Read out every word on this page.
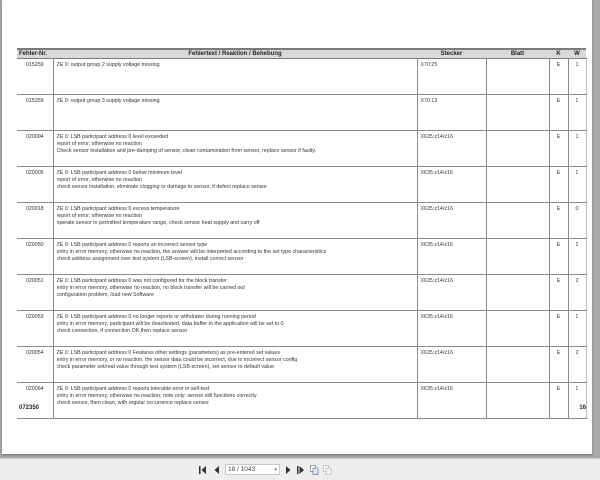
Fehler-Nr.	Fehlertext / Reaktion / Behebung	Stecker	Blatt	K	W
015259	ZE 0: output group 2 supply voltage missing	X70:25		E	1
015359	ZE 0: output group 3 supply voltage missing	X70:13		E	1
020004	ZE 0: LSB participant address 0 level exceeded
report of error, otherwise no reaction
Check sensor installation and pre-damping of sensor, clean contamination from sensor, replace sensor if faulty.	X635:z14/z16		E	1
020005	ZE 0: LSB participant address 0 below minimum level
report of error, otherwise no reaction
check sensor installation, eliminate clogging or damage to sensor, if defect replace sensor	X635:z14/z16		E	1
020018	ZE 0: LSB participant address 0 excess temperature
report of error, otherwise no reaction
operate sensor in permitted temperature range, check sensor heat supply and carry off	X635:z14/z16		E	0
020050	ZE 0: LSB participant address 0 reports an incorrect sensor type
entry in error memory, otherwise no reaction, the answer will be interpreted according to the set type characteristics
check address assignment over test system (LSB-screen), install correct sensor	X635:z14/z16		E	2
020051	ZE 0: LSB participant address 0 was not configured for the block transfer
entry in error memory, otherwise no reaction, no block transfer will be carried out
configuration problem, load new Software	X635:z14/z16		E	2
020053	ZE 0: LSB participant address 0 no longer reports or withdrawn during running period
entry in error memory, participant will be deactivated, data buffer to the application will be set to 0
check connection, if connection OK then replace sensor	X635:z14/z16		E	1
020054	ZE 0: LSB participant address 0 Features other settings (parameters) as pre-entered set values
entry in error memory, or no reaction, the sensor data could be incorrect, due to incorrect sensor config
check parameter set/real value through test system (LSB-screen), set sensor to default value	X635:z14/z16		E	2
020064	ZE 0: LSB participant address 0 reports tolerable error in self-test
entry in error memory, otherwise no reaction; note only: sensor still functions correctly
check sensor, then clean, with regular occurrence replace sensor	X635:z14/z16		E	1
072350	16
18 / 1043	▾
